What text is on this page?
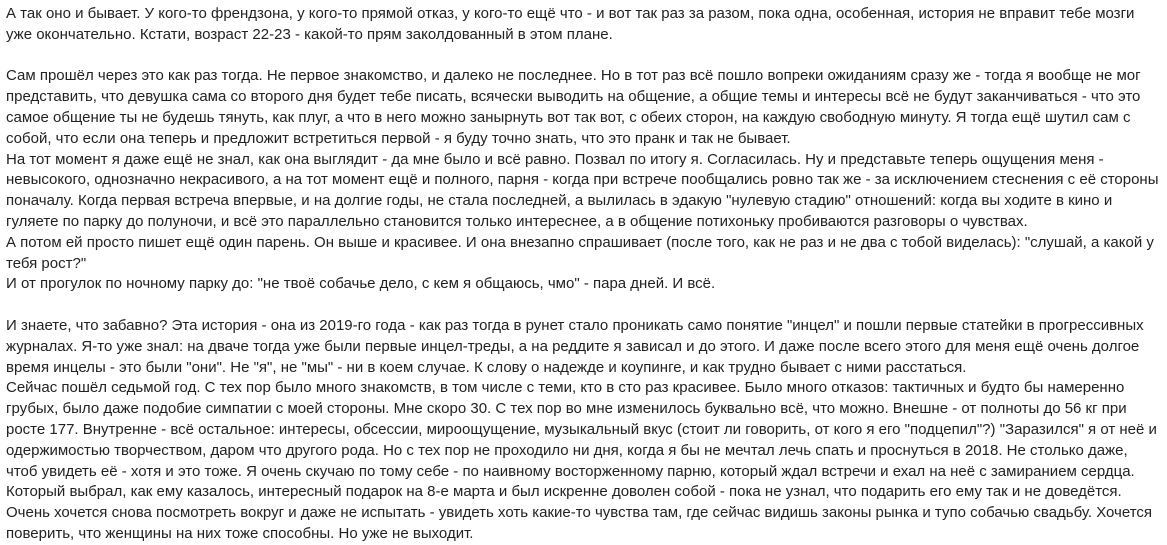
А так оно и бывает. У кого-то френдзона, у кого-то прямой отказ, у кого-то ещё что - и вот так раз за разом, пока одна, особенная, история не вправит тебе мозги уже окончательно. Кстати, возраст 22-23 - какой-то прям заколдованный в этом плане.

Сам прошёл через это как раз тогда. Не первое знакомство, и далеко не последнее. Но в тот раз всё пошло вопреки ожиданиям сразу же - тогда я вообще не мог представить, что девушка сама со второго дня будет тебе писать, всячески выводить на общение, а общие темы и интересы всё не будут заканчиваться - что это самое общение ты не будешь тянуть, как плуг, а что в него можно занырнуть вот так вот, с обеих сторон, на каждую свободную минуту. Я тогда ещё шутил сам с собой, что если она теперь и предложит встретиться первой - я буду точно знать, что это пранк и так не бывает.

На тот момент я даже ещё не знал, как она выглядит - да мне было и всё равно. Позвал по итогу я. Согласилась. Ну и представьте теперь ощущения меня - невысокого, однозначно некрасивого, а на тот момент ещё и полного, парня - когда при встрече пообщались ровно так же - за исключением стеснения с её стороны поначалу. Когда первая встреча впервые, и на долгие годы, не стала последней, а вылилась в эдакую "нулевую стадию" отношений: когда вы ходите в кино и гуляете по парку до полуночи, и всё это параллельно становится только интереснее, а в общение потихоньку пробиваются разговоры о чувствах.

А потом ей просто пишет ещё один парень. Он выше и красивее. И она внезапно спрашивает (после того, как не раз и не два с тобой виделась): "слушай, а какой у тебя рост?"

И от прогулок по ночному парку до: "не твоё собачье дело, с кем я общаюсь, чмо" - пара дней. И всё.

И знаете, что забавно? Эта история - она из 2019-го года - как раз тогда в рунет стало проникать само понятие "инцел" и пошли первые статейки в прогрессивных журналах. Я-то уже знал: на двачe тогда уже были первые инцел-треды, а на реддите я зависал и до этого. И даже после всего этого для меня ещё очень долгое время инцелы - это были "они". Не "я", не "мы" - ни в коем случае. К слову о надежде и коупинге, и как трудно бывает с ними расстаться.

Сейчас пошёл седьмой год. С тех пор было много знакомств, в том числе с теми, кто в сто раз красивее. Было много отказов: тактичных и будто бы намеренно грубых, было даже подобие симпатии с моей стороны. Мне скоро 30. С тех пор во мне изменилось буквально всё, что можно. Внешне - от полноты до 56 кг при росте 177. Внутренне - всё остальное: интересы, обсессии, мироощущение, музыкальный вкус (стоит ли говорить, от кого я его "подцепил"?) "Заразился" я от неё и одержимостью творчеством, даром что другого рода. Но с тех пор не проходило ни дня, когда я бы не мечтал лечь спать и проснуться в 2018. Не столько даже, чтоб увидеть её - хотя и это тоже. Я очень скучаю по тому себе - по наивному восторженному парню, который ждал встречи и ехал на неё с замиранием сердца. Который выбрал, как ему казалось, интересный подарок на 8-е марта и был искренне доволен собой - пока не узнал, что подарить его ему так и не доведётся. Очень хочется снова посмотреть вокруг и даже не испытать - увидеть хоть какие-то чувства там, где сейчас видишь законы рынка и тупо собачью свадьбу. Хочется поверить, что женщины на них тоже способны. Но уже не выходит.
